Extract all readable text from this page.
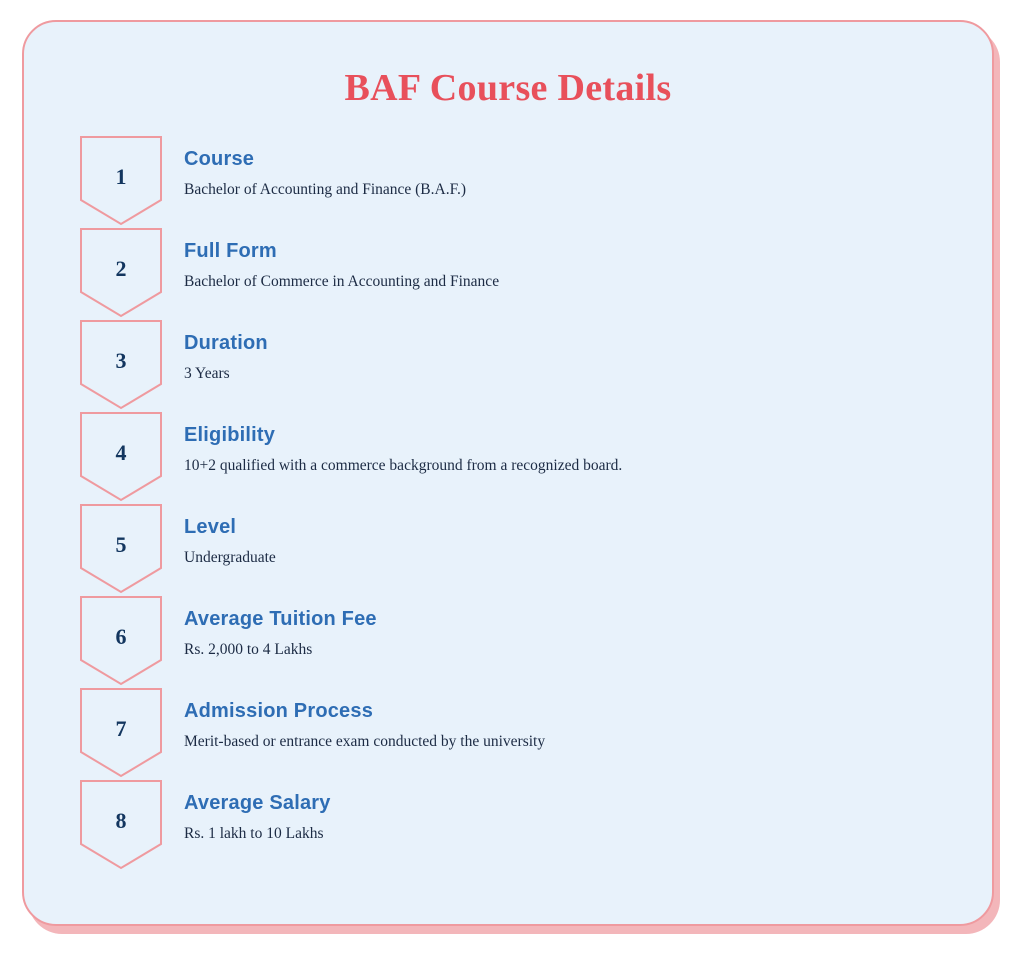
BAF Course Details
1

Course

Bachelor of Accounting and Finance (B.A.F.)

2

Full Form

Bachelor of Commerce in Accounting and Finance

3

Duration

3 Years

4

Eligibility

10+2 qualified with a commerce background from a recognized board.

5

Level

Undergraduate

6

Average Tuition Fee

Rs. 2,000 to 4 Lakhs

7

Admission Process

Merit-based or entrance exam conducted by the university

8

Average Salary

Rs. 1 lakh to 10 Lakhs
